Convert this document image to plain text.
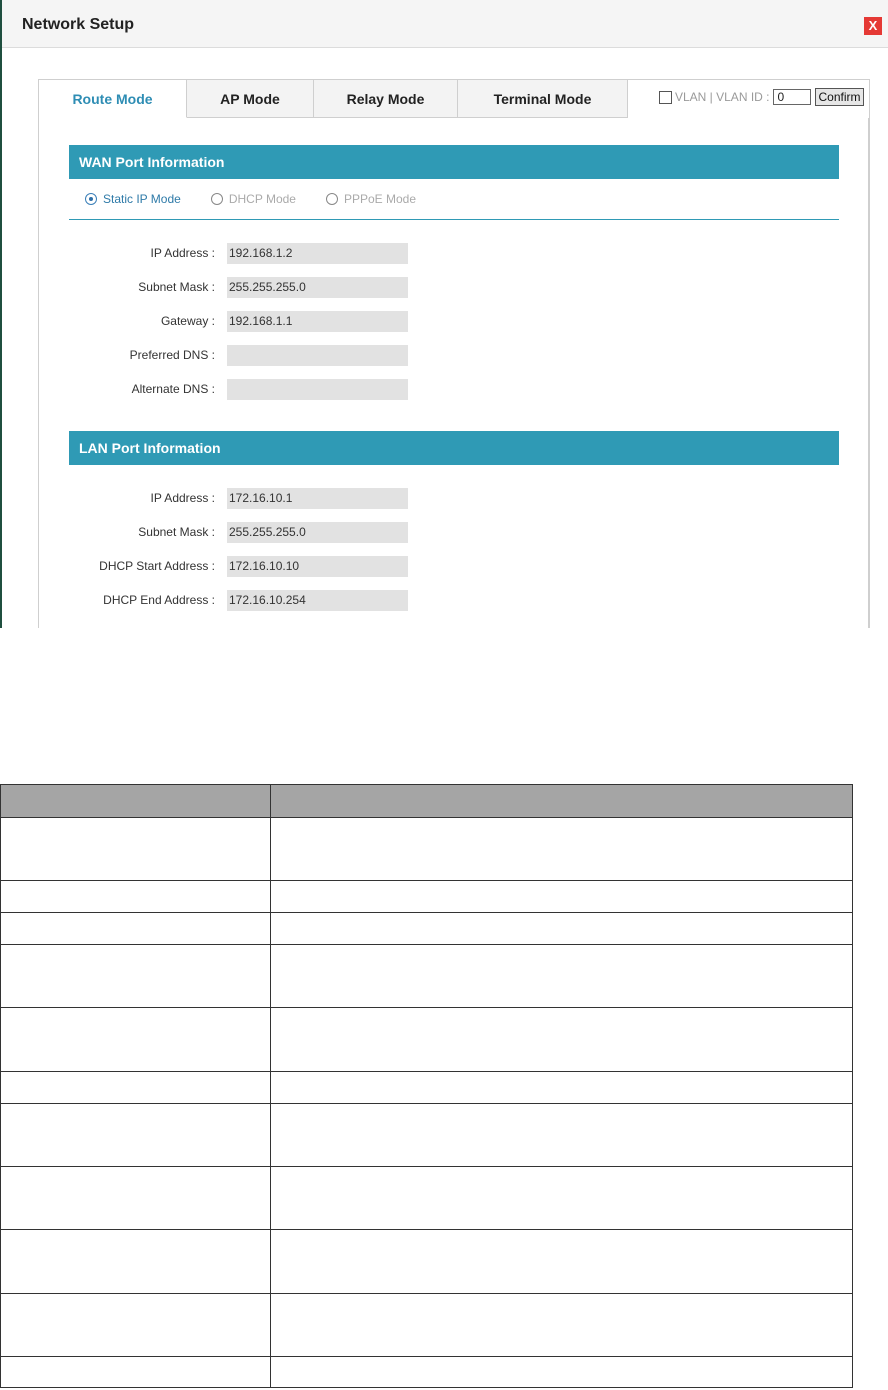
Network Setup	X
Route Mode	AP Mode	Relay Mode	Terminal Mode	VLAN | VLAN ID :
0	Confirm
WAN Port Information
Static IP Mode	DHCP Mode	PPPoE Mode
IP Address :
192.168.1.2
Subnet Mask :
255.255.255.0
Gateway :
192.168.1.1
Preferred DNS :
Alternate DNS :
LAN Port Information
IP Address :
172.16.10.1
Subnet Mask :
255.255.255.0
DHCP Start Address :
172.16.10.10
DHCP End Address :
172.16.10.254
